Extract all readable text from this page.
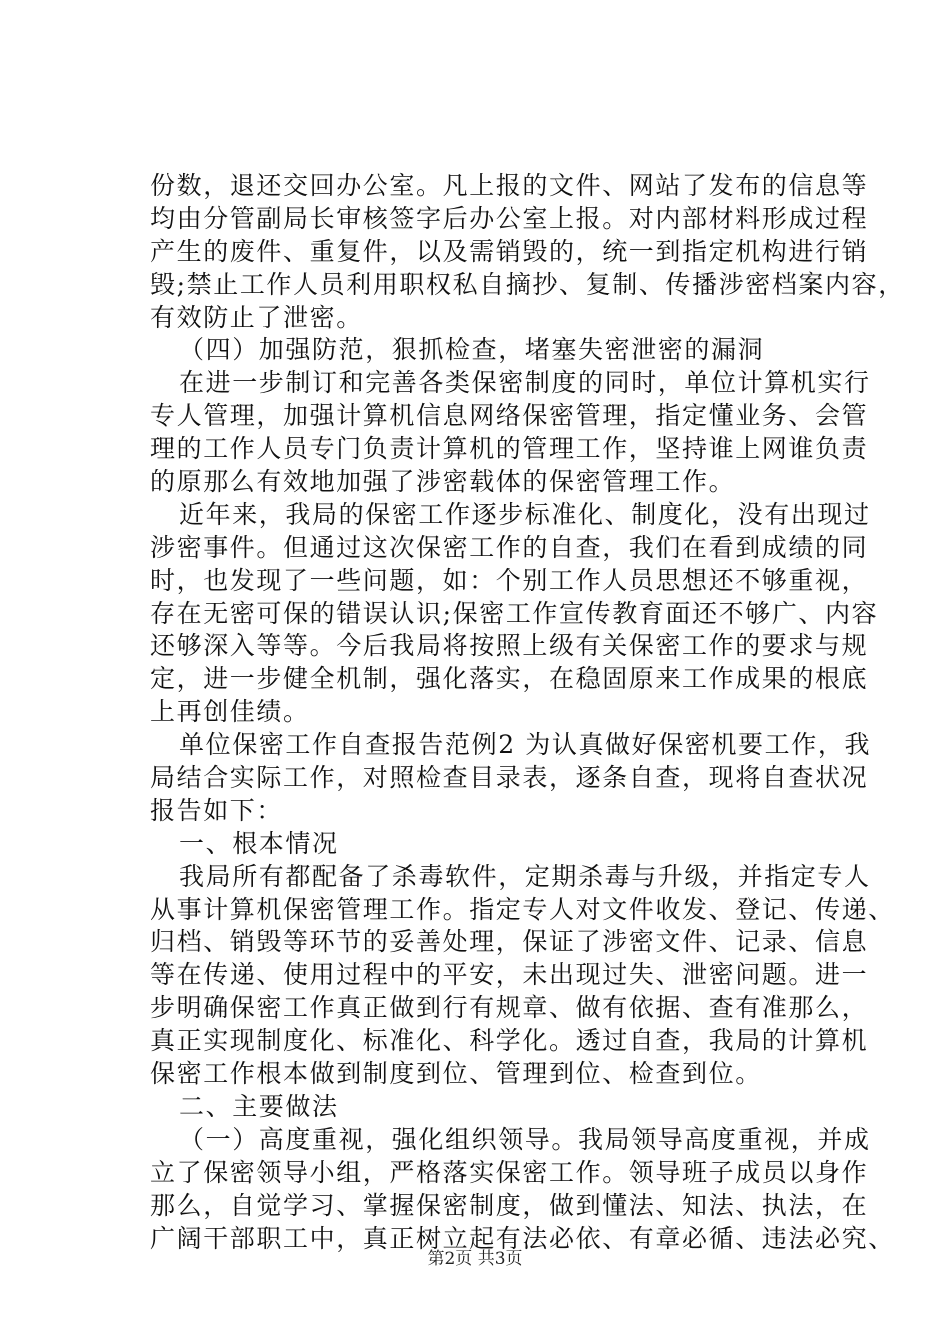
份数，退还交回办公室。凡上报的文件、网站了发布的信息等
均由分管副局长审核签字后办公室上报。对内部材料形成过程
产生的废件、重复件，以及需销毁的，统一到指定机构进行销
毁;禁止工作人员利用职权私自摘抄、复制、传播涉密档案内容，
有效防止了泄密。
（四）加强防范，狠抓检查，堵塞失密泄密的漏洞
在进一步制订和完善各类保密制度的同时，单位计算机实行
专人管理，加强计算机信息网络保密管理，指定懂业务、会管
理的工作人员专门负责计算机的管理工作，坚持谁上网谁负责
的原那么有效地加强了涉密载体的保密管理工作。
近年来，我局的保密工作逐步标准化、制度化，没有出现过
涉密事件。但通过这次保密工作的自查，我们在看到成绩的同
时，也发现了一些问题，如：个别工作人员思想还不够重视，
存在无密可保的错误认识;保密工作宣传教育面还不够广、内容
还够深入等等。今后我局将按照上级有关保密工作的要求与规
定，进一步健全机制，强化落实，在稳固原来工作成果的根底
上再创佳绩。
单位保密工作自查报告范例2 为认真做好保密机要工作，我
局结合实际工作，对照检查目录表，逐条自查，现将自查状况
报告如下：
一、根本情况
我局所有都配备了杀毒软件，定期杀毒与升级，并指定专人
从事计算机保密管理工作。指定专人对文件收发、登记、传递、
归档、销毁等环节的妥善处理，保证了涉密文件、记录、信息
等在传递、使用过程中的平安，未出现过失、泄密问题。进一
步明确保密工作真正做到行有规章、做有依据、查有准那么，
真正实现制度化、标准化、科学化。透过自查，我局的计算机
保密工作根本做到制度到位、管理到位、检查到位。
二、主要做法
（一）高度重视，强化组织领导。我局领导高度重视，并成
立了保密领导小组，严格落实保密工作。领导班子成员以身作
那么，自觉学习、掌握保密制度，做到懂法、知法、执法，在
广阔干部职工中，真正树立起有法必依、有章必循、违法必究、
第2页 共3页
